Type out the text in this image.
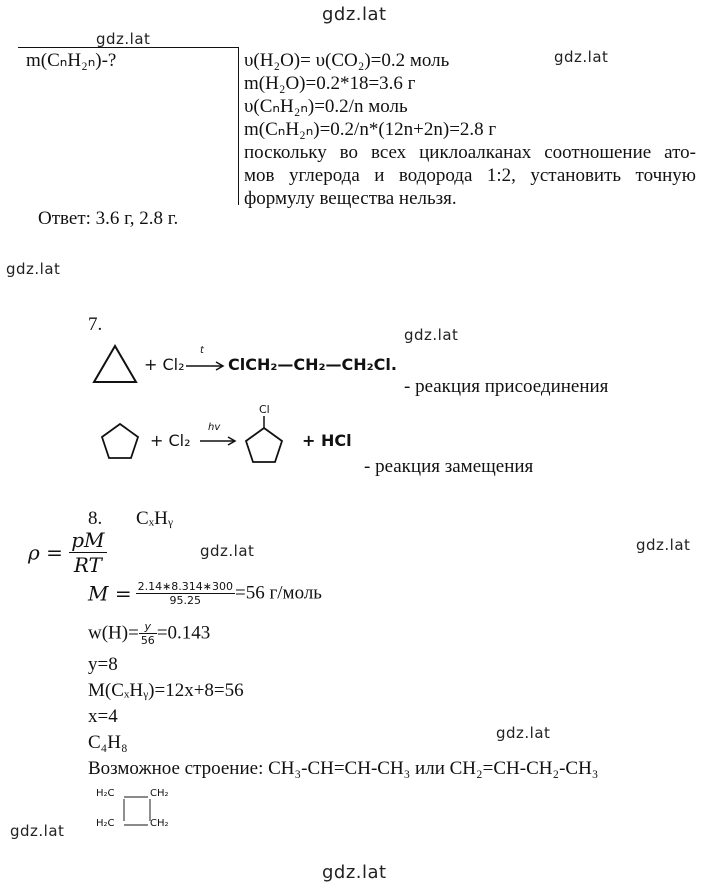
gdz.lat
gdz.lat
gdz.lat
gdz.lat
gdz.lat
gdz.lat	gdz.lat
gdz.lat
gdz.lat
gdz.lat
m(CₙH₂ₙ)-?	υ(H₂O)= υ(CO₂)=0.2 моль
m(H₂O)=0.2*18=3.6 г
υ(CₙH₂ₙ)=0.2/n моль
m(CₙH₂ₙ)=0.2/n*(12n+2n)=2.8 г
поскольку во всех циклоалканах соотношение ато-
мов углерода и водорода 1:2, установить точную
формулу вещества нельзя.
Ответ: 3.6 г, 2.8 г.
7.
+ Cl₂
t
ClCH₂—CH₂—CH₂Cl.
- реакция присоединения
+ Cl₂
hv
Cl
+ HCl
- реакция замещения
8. CₓHᵧ
$\rho = \frac{pM}{RT}$
$M = \frac{2.14∗8.314∗300}{95.25} =56$ г/моль
$w(H)= \frac{y}{56} =0.143$
y=8
M(CₓHᵧ)=12x+8=56
x=4
C₄H₈
Возможное строение: CH₃-CH=CH-CH₃ или CH₂=CH-CH₂-CH₃
H₂C	CH₂
H₂C	CH₂
